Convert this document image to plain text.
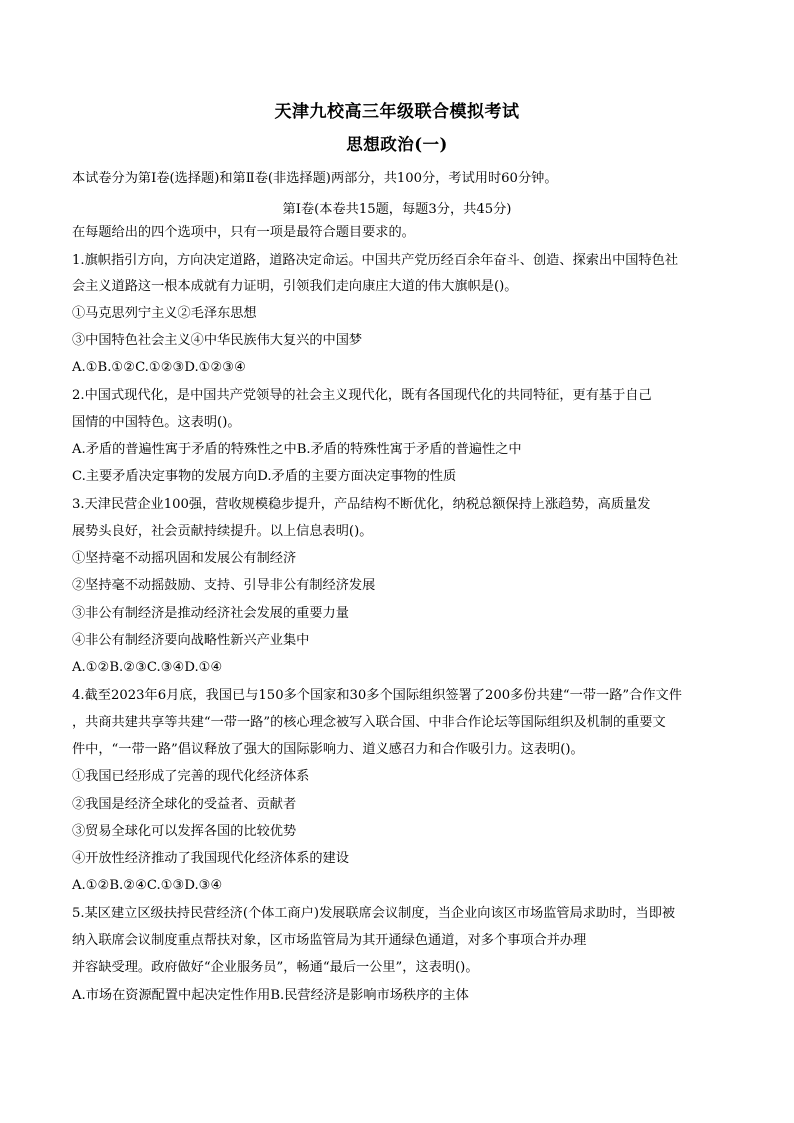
天津九校高三年级联合模拟考试
思想政治(一)
本试卷分为第I卷(选择题)和第Ⅱ卷(非选择题)两部分，共100分，考试用时60分钟。
第I卷(本卷共15题，每题3分，共45分)
在每题给出的四个选项中，只有一项是最符合题目要求的。
1.旗帜指引方向，方向决定道路，道路决定命运。中国共产党历经百余年奋斗、创造、探索出中国特色社
会主义道路这一根本成就有力证明，引领我们走向康庄大道的伟大旗帜是()。
①马克思列宁主义②毛泽东思想
③中国特色社会主义④中华民族伟大复兴的中国梦
A.①B.①②C.①②③D.①②③④
2.中国式现代化，是中国共产党领导的社会主义现代化，既有各国现代化的共同特征，更有基于自己
国情的中国特色。这表明()。
A.矛盾的普遍性寓于矛盾的特殊性之中B.矛盾的特殊性寓于矛盾的普遍性之中
C.主要矛盾决定事物的发展方向D.矛盾的主要方面决定事物的性质
3.天津民营企业100强，营收规模稳步提升，产品结构不断优化，纳税总额保持上涨趋势，高质量发
展势头良好，社会贡献持续提升。以上信息表明()。
①坚持毫不动摇巩固和发展公有制经济
②坚持毫不动摇鼓励、支持、引导非公有制经济发展
③非公有制经济是推动经济社会发展的重要力量
④非公有制经济要向战略性新兴产业集中
A.①②B.②③C.③④D.①④
4.截至2023年6月底，我国已与150多个国家和30多个国际组织签署了200多份共建“一带一路”合作文件
，共商共建共享等共建“一带一路”的核心理念被写入联合国、中非合作论坛等国际组织及机制的重要文
件中，“一带一路”倡议释放了强大的国际影响力、道义感召力和合作吸引力。这表明()。
①我国已经形成了完善的现代化经济体系
②我国是经济全球化的受益者、贡献者
③贸易全球化可以发挥各国的比较优势
④开放性经济推动了我国现代化经济体系的建设
A.①②B.②④C.①③D.③④
5.某区建立区级扶持民营经济(个体工商户)发展联席会议制度，当企业向该区市场监管局求助时，当即被
纳入联席会议制度重点帮扶对象，区市场监管局为其开通绿色通道，对多个事项合并办理
并容缺受理。政府做好“企业服务员”，畅通“最后一公里”，这表明()。
A.市场在资源配置中起决定性作用B.民营经济是影响市场秩序的主体
